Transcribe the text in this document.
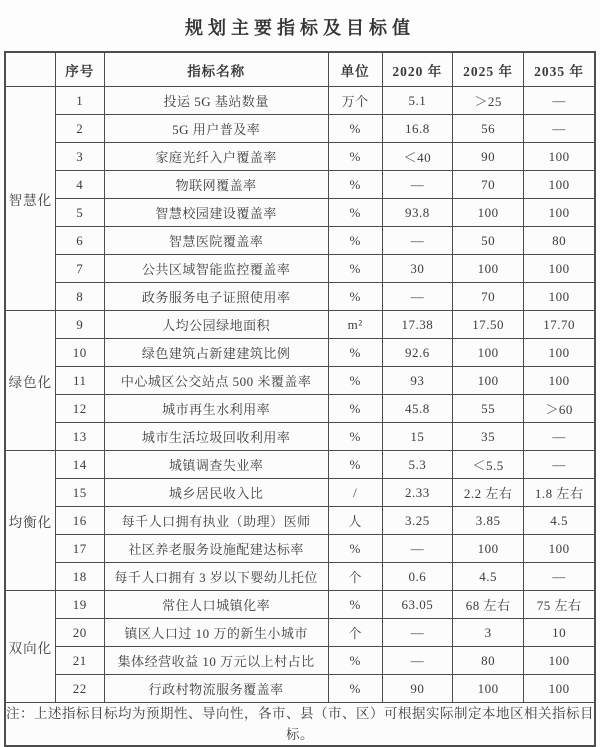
规划主要指标及目标值
	序号	指标名称	单位	2020 年	2025 年	2035 年
智慧化	1	投运 5G 基站数量	万个	5.1	＞25	—
	2	5G 用户普及率	%	16.8	56	—
	3	家庭光纤入户覆盖率	%	＜40	90	100
	4	物联网覆盖率	%	—	70	100
	5	智慧校园建设覆盖率	%	93.8	100	100
	6	智慧医院覆盖率	%	—	50	80
	7	公共区域智能监控覆盖率	%	30	100	100
	8	政务服务电子证照使用率	%	—	70	100
绿色化	9	人均公园绿地面积	m²	17.38	17.50	17.70
	10	绿色建筑占新建建筑比例	%	92.6	100	100
	11	中心城区公交站点 500 米覆盖率	%	93	100	100
	12	城市再生水利用率	%	45.8	55	＞60
	13	城市生活垃圾回收利用率	%	15	35	—
均衡化	14	城镇调查失业率	%	5.3	＜5.5	—
	15	城乡居民收入比	/	2.33	2.2 左右	1.8 左右
	16	每千人口拥有执业（助理）医师	人	3.25	3.85	4.5
	17	社区养老服务设施配建达标率	%	—	100	100
	18	每千人口拥有 3 岁以下婴幼儿托位	个	0.6	4.5	—
双向化	19	常住人口城镇化率	%	63.05	68 左右	75 左右
	20	镇区人口过 10 万的新生小城市	个	—	3	10
	21	集体经营收益 10 万元以上村占比	%	—	80	100
	22	行政村物流服务覆盖率	%	90	100	100
注：上述指标目标均为预期性、导向性，各市、县（市、区）可根据实际制定本地区相关指标目标。						
